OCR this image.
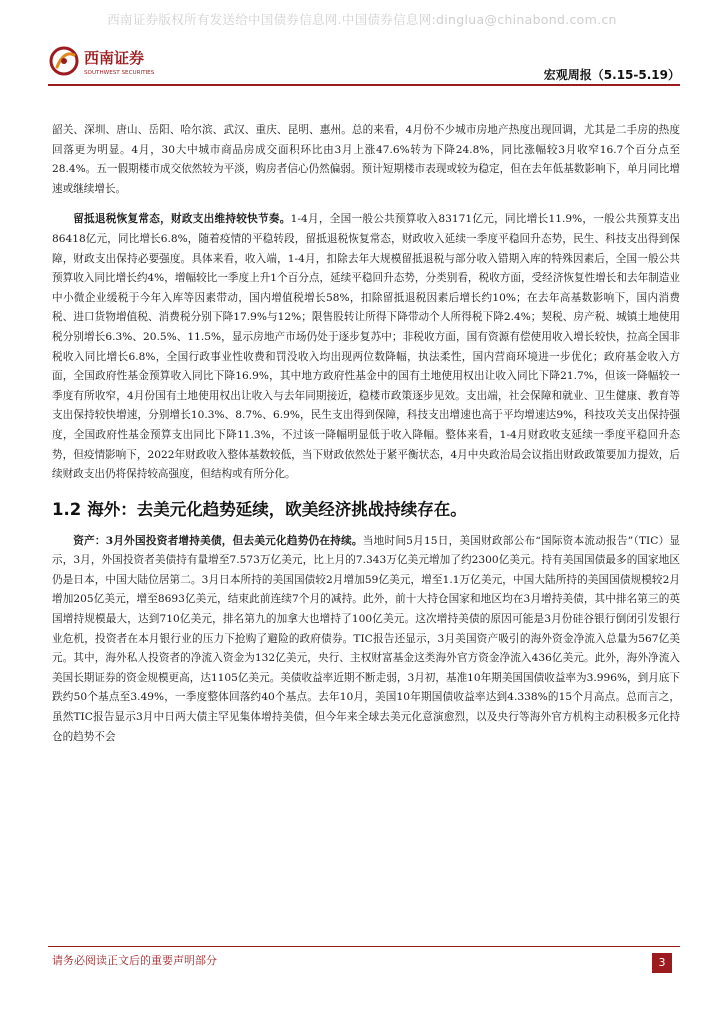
西南证券版权所有发送给中国债券信息网.中国债券信息网:dinglua@chinabond.com.cn
西南证券
SOUTHWEST SECURITIES	宏观周报（5.15-5.19）

韶关、深圳、唐山、岳阳、哈尔滨、武汉、重庆、昆明、惠州。总的来看，4月份不少城市房地产热度出现回调，尤其是二手房的热度回落更为明显。4月，30大中城市商品房成交面积环比由3月上涨47.6%转为下降24.8%，同比涨幅较3月收窄16.7个百分点至28.4%。五一假期楼市成交依然较为平淡，购房者信心仍然偏弱。预计短期楼市表现或较为稳定，但在去年低基数影响下，单月同比增速或继续增长。

留抵退税恢复常态，财政支出维持较快节奏。1-4月，全国一般公共预算收入83171亿元，同比增长11.9%，一般公共预算支出86418亿元，同比增长6.8%，随着疫情的平稳转段，留抵退税恢复常态，财政收入延续一季度平稳回升态势，民生、科技支出得到保障，财政支出保持必要强度。具体来看，收入端，1-4月，扣除去年大规模留抵退税与部分收入错期入库的特殊因素后，全国一般公共预算收入同比增长约4%，增幅较比一季度上升1个百分点，延续平稳回升态势，分类别看，税收方面，受经济恢复性增长和去年制造业中小微企业缓税于今年入库等因素带动，国内增值税增长58%，扣除留抵退税因素后增长约10%；在去年高基数影响下，国内消费税、进口货物增值税、消费税分别下降17.9%与12%；限售股转让所得下降带动个人所得税下降2.4%；契税、房产税、城镇土地使用税分别增长6.3%、20.5%、11.5%，显示房地产市场仍处于逐步复苏中；非税收方面，国有资源有偿使用收入增长较快，拉高全国非税收入同比增长6.8%，全国行政事业性收费和罚没收入均出现两位数降幅，执法柔性，国内营商环境进一步优化；政府基金收入方面，全国政府性基金预算收入同比下降16.9%，其中地方政府性基金中的国有土地使用权出让收入同比下降21.7%，但该一降幅较一季度有所收窄，4月份国有土地使用权出让收入与去年同期接近，稳楼市政策逐步见效。支出端，社会保障和就业、卫生健康、教育等支出保持较快增速，分别增长10.3%、8.7%、6.9%，民生支出得到保障，科技支出增速也高于平均增速达9%，科技攻关支出保持强度，全国政府性基金预算支出同比下降11.3%，不过该一降幅明显低于收入降幅。整体来看，1-4月财政收支延续一季度平稳回升态势，但疫情影响下，2022年财政收入整体基数较低，当下财政依然处于紧平衡状态，4月中央政治局会议指出财政政策要加力提效，后续财政支出仍将保持较高强度，但结构或有所分化。

1.2 海外：去美元化趋势延续，欧美经济挑战持续存在。

资产：3月外国投资者增持美债，但去美元化趋势仍在持续。当地时间5月15日，美国财政部公布“国际资本流动报告”（TIC）显示，3月，外国投资者美债持有量增至7.573万亿美元，比上月的7.343万亿美元增加了约2300亿美元。持有美国国债最多的国家地区仍是日本，中国大陆位居第二。3月日本所持的美国国债较2月增加59亿美元，增至1.1万亿美元，中国大陆所持的美国国债规模较2月增加205亿美元，增至8693亿美元，结束此前连续7个月的减持。此外，前十大持仓国家和地区均在3月增持美债，其中排名第三的英国增持规模最大，达到710亿美元，排名第九的加拿大也增持了100亿美元。这次增持美债的原因可能是3月份硅谷银行倒闭引发银行业危机，投资者在本月银行业的压力下抢购了避险的政府债券。TIC报告还显示，3月美国资产吸引的海外资金净流入总量为567亿美元。其中，海外私人投资者的净流入资金为132亿美元，央行、主权财富基金这类海外官方资金净流入436亿美元。此外，海外净流入美国长期证券的资金规模更高，达1105亿美元。美债收益率近期不断走弱，3月初，基准10年期美国国债收益率为3.996%，到月底下跌约50个基点至3.49%，一季度整体回落约40个基点。去年10月，美国10年期国债收益率达到4.338%的15个月高点。总而言之，虽然TIC报告显示3月中日两大债主罕见集体增持美债，但今年来全球去美元化意演愈烈，以及央行等海外官方机构主动积极多元化持仓的趋势不会

请务必阅读正文后的重要声明部分	3
